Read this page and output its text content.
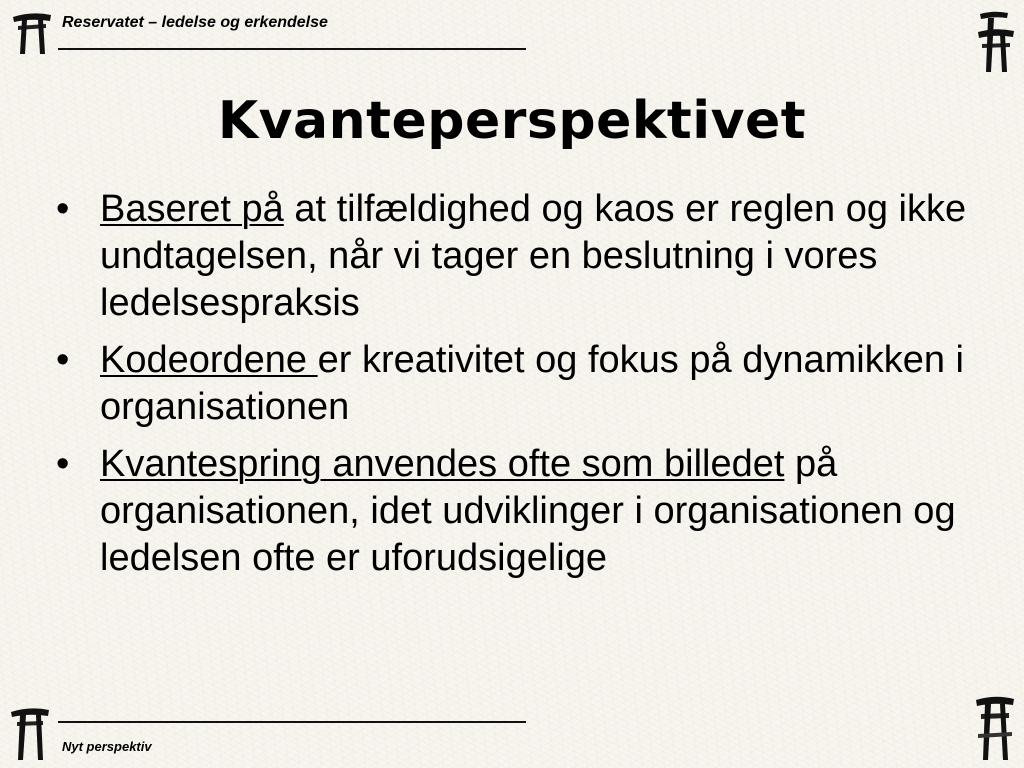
Reservatet – ledelse og erkendelse
Kvanteperspektivet
• Baseret på at tilfældighed og kaos er reglen og ikke undtagelsen, når vi tager en beslutning i vores ledelsespraksis
• Kodeordene er kreativitet og fokus på dynamikken i organisationen
• Kvantespring anvendes ofte som billedet på organisationen, idet udviklinger i organisationen og ledelsen ofte er uforudsigelige
Nyt perspektiv
